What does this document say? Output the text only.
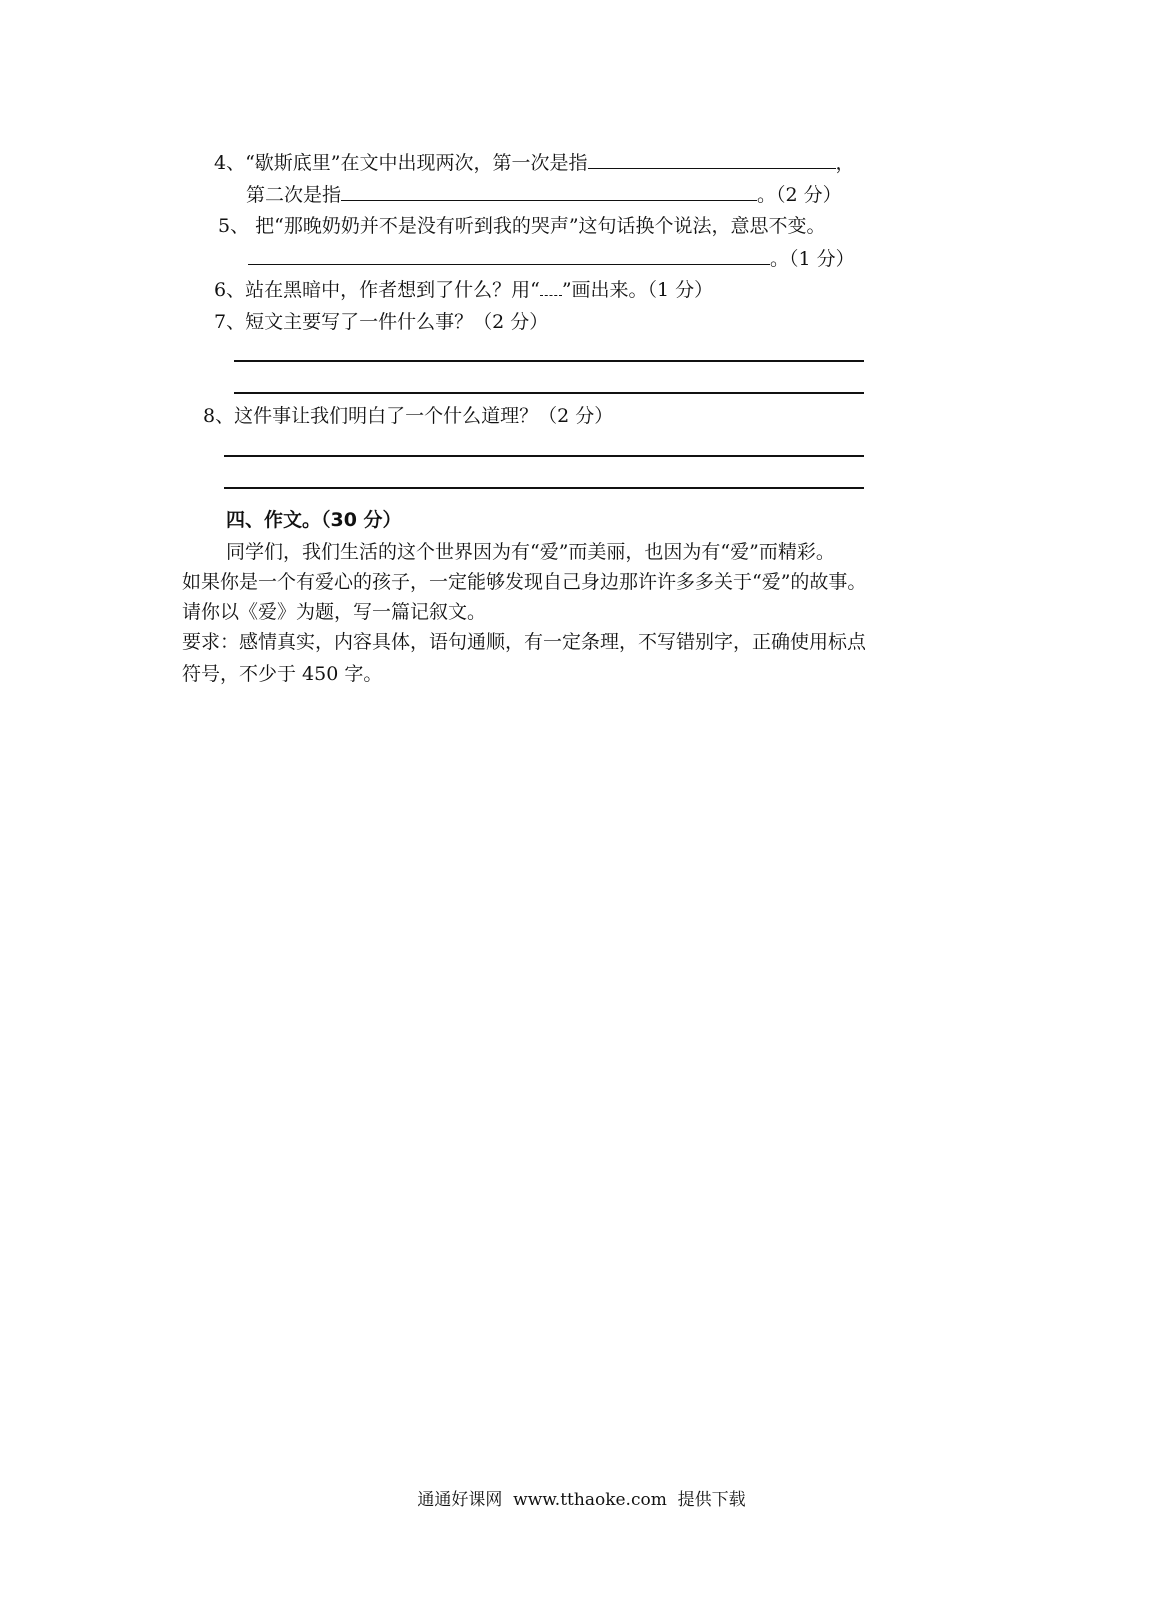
4、“歇斯底里”在文中出现两次，第一次是指	，
第二次是指	。（2 分）
5、 把“那晚奶奶并不是没有听到我的哭声”这句话换个说法，意思不变。
。（1 分）
6、站在黑暗中，作者想到了什么？用“ ”画出来。（1 分）
7、短文主要写了一件什么事？（2 分）
8、这件事让我们明白了一个什么道理？（2 分）
四、作文。（30 分）
同学们，我们生活的这个世界因为有“爱”而美丽，也因为有“爱”而精彩。
如果你是一个有爱心的孩子，一定能够发现自己身边那许许多多关于“爱”的故事。
请你以《爱》为题，写一篇记叙文。
要求：感情真实，内容具体，语句通顺，有一定条理，不写错别字，正确使用标点
符号，不少于 450 字。
通通好课网  www.tthaoke.com  提供下载
